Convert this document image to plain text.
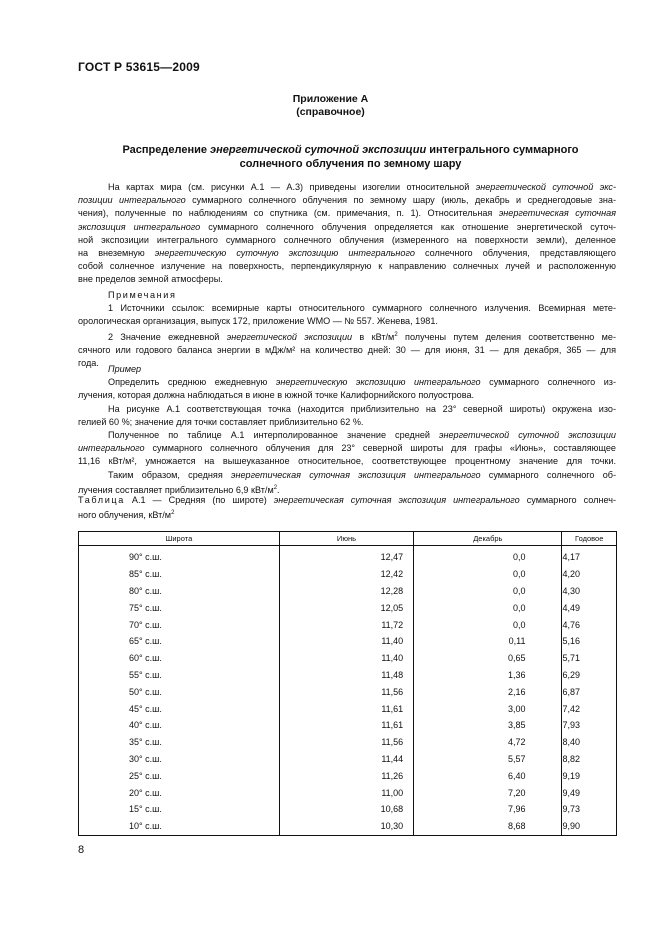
ГОСТ Р 53615—2009
Приложение А
(справочное)
Распределение энергетической суточной экспозиции интегрального суммарного
солнечного облучения по земному шару
На картах мира (см. рисунки А.1 — А.3) приведены изогелии относительной энергетической суточной экс-
позиции интегрального суммарного солнечного облучения по земному шару (июль, декабрь и среднегодовые зна-
чения), полученные по наблюдениям со спутника (см. примечания, п. 1). Относительная энергетическая суточная
экспозиция интегрального суммарного солнечного облучения определяется как отношение энергетической суточ-
ной экспозиции интегрального суммарного солнечного облучения (измеренного на поверхности земли), деленное
на внеземную энергетическую суточную экспозицию интегрального солнечного облучения, представляющего
собой солнечное излучение на поверхность, перпендикулярную к направлению солнечных лучей и расположенную
вне пределов земной атмосферы.
Примечания
1 Источники ссылок: всемирные карты относительного суммарного солнечного излучения. Всемирная мете-
орологическая организация, выпуск 172, приложение WMO — № 557. Женева, 1981.
2 Значение ежедневной энергетической экспозиции в кВт/$м^2$ получены путем деления соответственно ме-
сячного или годового баланса энергии в мДж/м² на количество дней: 30 — для июня, 31 — для декабря, 365 — для
года.
Пример
Определить среднюю ежедневную энергетическую экспозицию интегрального суммарного солнечного из-
лучения, которая должна наблюдаться в июне в южной точке Калифорнийского полуострова.
На рисунке А.1 соответствующая точка (находится приблизительно на 23° северной широты) окружена изо-
гелией 60 %; значение для точки составляет приблизительно 62 %.
Полученное по таблице А.1 интерполированное значение средней энергетической суточной экспозиции
интегрального суммарного солнечного облучения для 23° северной широты для графы «Июнь», составляющее
11,16 кВт/м², умножается на вышеуказанное относительное, соответствующее процентному значение для точки.
Таким образом, средняя энергетическая суточная экспозиция интегрального суммарного солнечного об-
лучения составляет приблизительно 6,9 кВт/$м^2$.
Таблица А.1 — Средняя (по широте) энергетическая суточная экспозиция интегрального суммарного солнеч-
ного облучения, кВт/$м^2$
Широта	Июнь	Декабрь	Годовое
90° с.ш.	12,47	0,0	4,17
85° с.ш.	12,42	0,0	4,20
80° с.ш.	12,28	0,0	4,30
75° с.ш.	12,05	0,0	4,49
70° с.ш.	11,72	0,0	4,76
65° с.ш.	11,40	0,11	5,16
60° с.ш.	11,40	0,65	5,71
55° с.ш.	11,48	1,36	6,29
50° с.ш.	11,56	2,16	6,87
45° с.ш.	11,61	3,00	7,42
40° с.ш.	11,61	3,85	7,93
35° с.ш.	11,56	4,72	8,40
30° с.ш.	11,44	5,57	8,82
25° с.ш.	11,26	6,40	9,19
20° с.ш.	11,00	7,20	9,49
15° с.ш.	10,68	7,96	9,73
10° с.ш.	10,30	8,68	9,90
8
